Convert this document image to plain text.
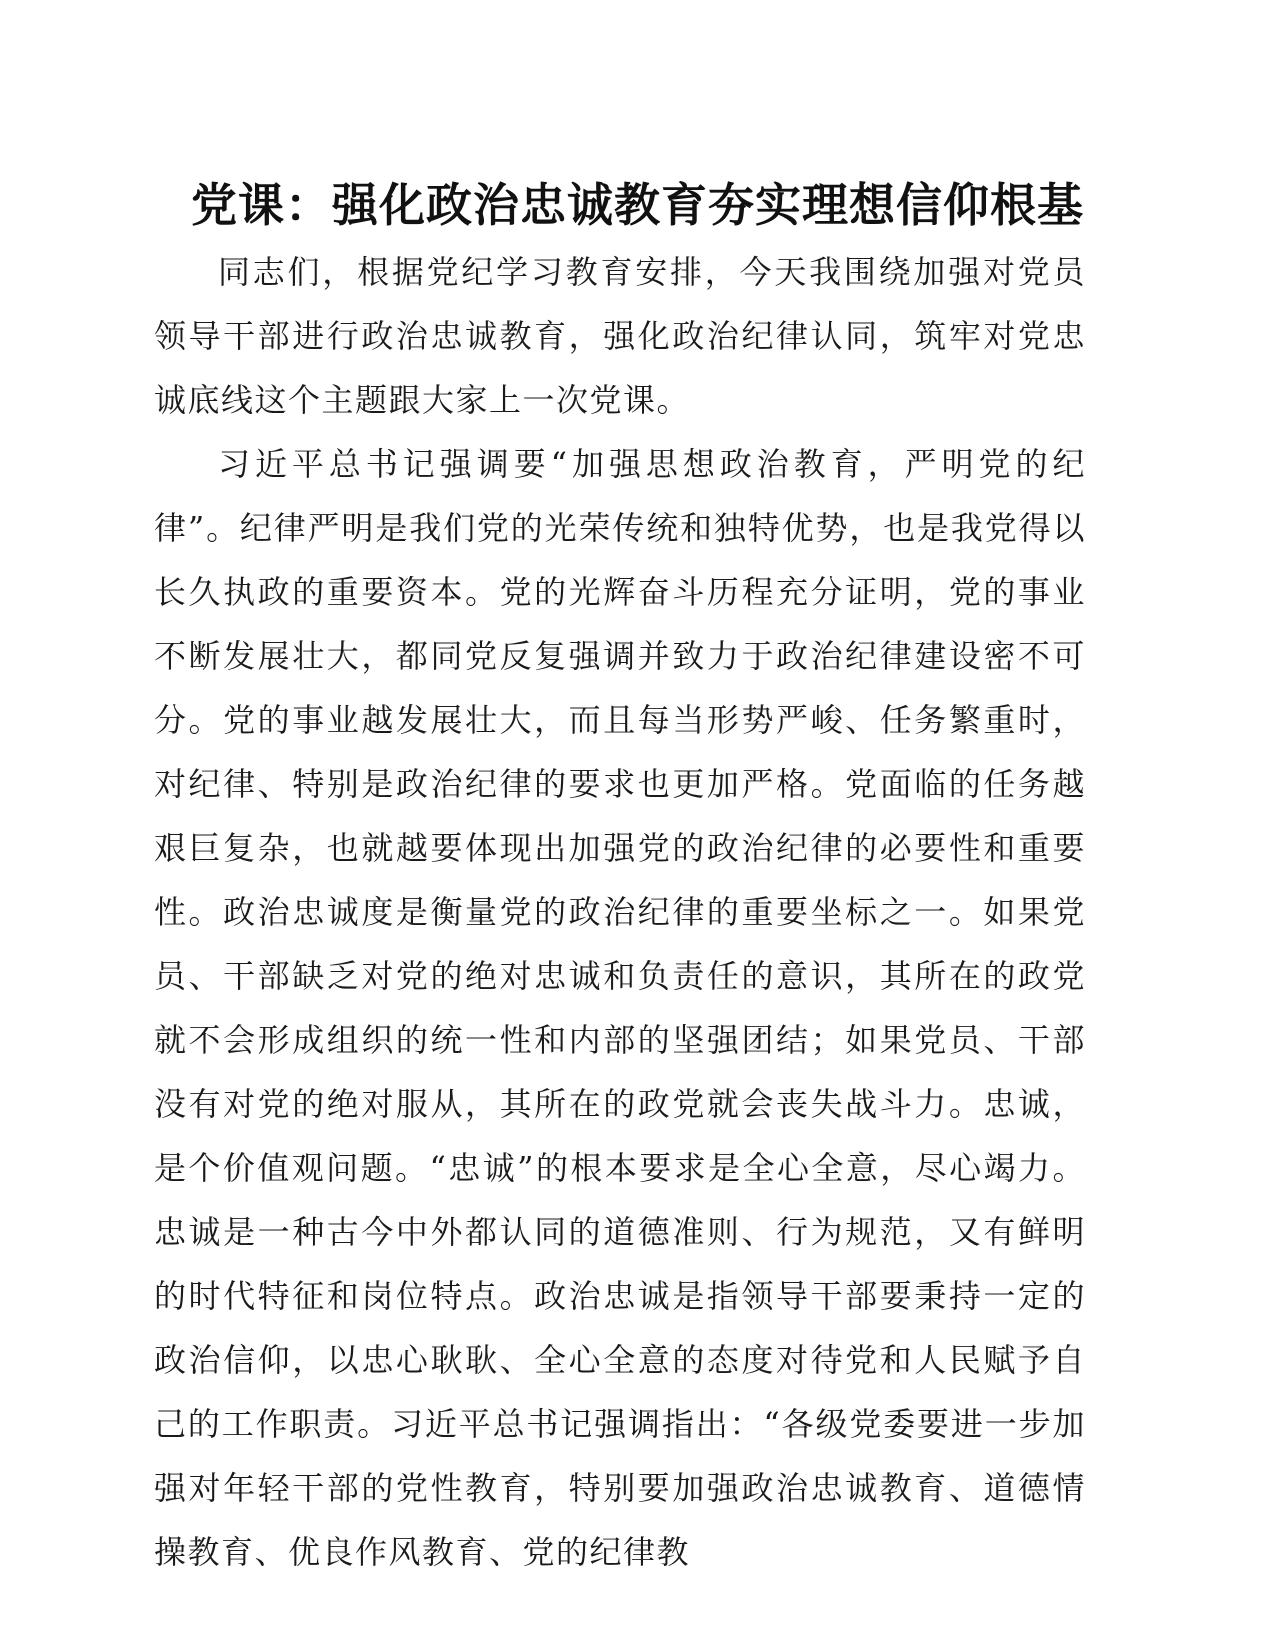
党课：强化政治忠诚教育夯实理想信仰根基

同志们，根据党纪学习教育安排，今天我围绕加强对党员领导干部进行政治忠诚教育，强化政治纪律认同，筑牢对党忠诚底线这个主题跟大家上一次党课。

习近平总书记强调要“加强思想政治教育，严明党的纪律”。纪律严明是我们党的光荣传统和独特优势，也是我党得以长久执政的重要资本。党的光辉奋斗历程充分证明，党的事业不断发展壮大，都同党反复强调并致力于政治纪律建设密不可分。党的事业越发展壮大，而且每当形势严峻、任务繁重时，对纪律、特别是政治纪律的要求也更加严格。党面临的任务越艰巨复杂，也就越要体现出加强党的政治纪律的必要性和重要性。政治忠诚度是衡量党的政治纪律的重要坐标之一。如果党员、干部缺乏对党的绝对忠诚和负责任的意识，其所在的政党就不会形成组织的统一性和内部的坚强团结；如果党员、干部没有对党的绝对服从，其所在的政党就会丧失战斗力。忠诚，是个价值观问题。“忠诚”的根本要求是全心全意，尽心竭力。忠诚是一种古今中外都认同的道德准则、行为规范，又有鲜明的时代特征和岗位特点。政治忠诚是指领导干部要秉持一定的政治信仰，以忠心耿耿、全心全意的态度对待党和人民赋予自己的工作职责。习近平总书记强调指出：“各级党委要进一步加强对年轻干部的党性教育，特别要加强政治忠诚教育、道德情操教育、优良作风教育、党的纪律教
